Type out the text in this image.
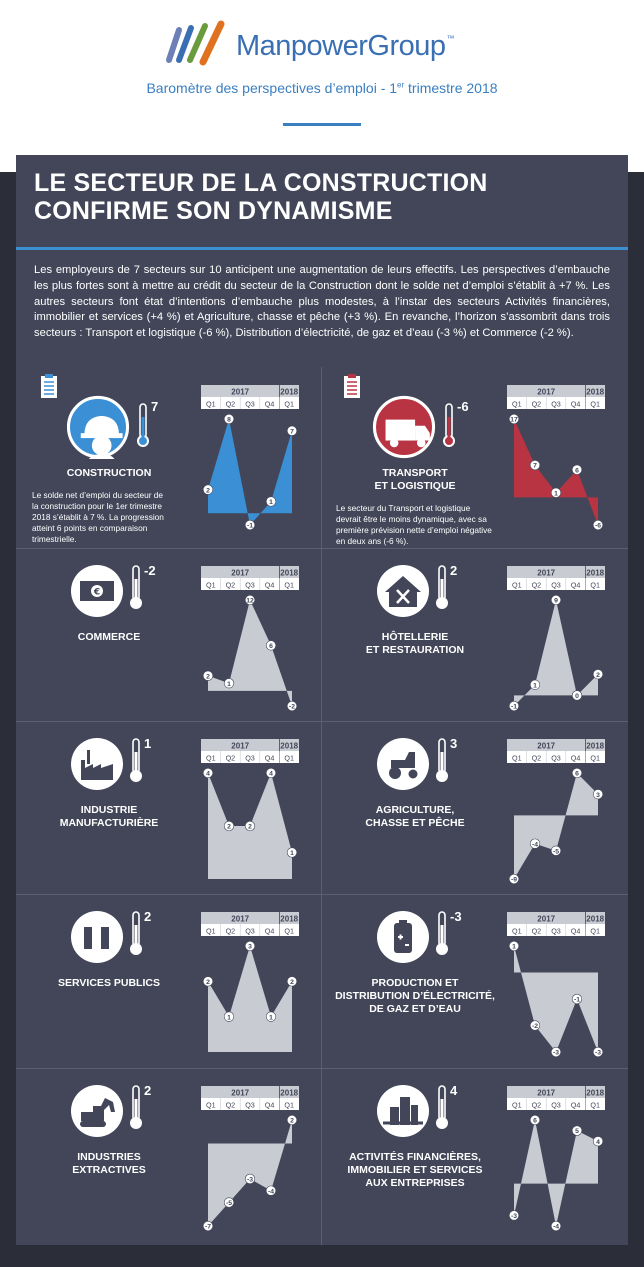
ManpowerGroup™
Baromètre des perspectives d’emploi - 1er trimestre 2018
LE SECTEUR DE LA CONSTRUCTION
CONFIRME SON DYNAMISME
Les employeurs de 7 secteurs sur 10 anticipent une augmentation de leurs effectifs. Les perspectives d’embauche les plus fortes sont à mettre au crédit du secteur de la Construction dont le solde net d’emploi s’établit à +7 %. Les autres secteurs font état d’intentions d’embauche plus modestes, à l’instar des secteurs Activités financières, immobilier et services (+4 %) et Agriculture, chasse et pêche (+3 %). En revanche, l’horizon s’assombrit dans trois secteurs : Transport et logistique (-6 %), Distribution d’électricité, de gaz et d’eau (-3 %) et Commerce (-2 %).
7
CONSTRUCTION
Le solde net d’emploi du secteur de
la construction pour le 1er trimestre
2018 s’établit à 7 %. La progression
atteint 6 points en comparaison
trimestrielle.
2017	2018
Q1 Q2 Q3 Q4 Q1
2
8
-1
1
7
-6
TRANSPORT
ET LOGISTIQUE
Le secteur du Transport et logistique
devrait être le moins dynamique, avec sa
première prévision nette d’emploi négative
en deux ans (-6 %).
2017	2018
Q1 Q2 Q3 Q4 Q1
17
7
1
6
-6
€
-2
COMMERCE
2017	2018
Q1 Q2 Q3 Q4 Q1
2
1
12
6
-2
2
HÔTELLERIE
ET RESTAURATION
2017	2018
Q1 Q2 Q3 Q4 Q1
-1
1
9
0
2
1
INDUSTRIE
MANUFACTURIÈRE
2017	2018
Q1 Q2 Q3 Q4 Q1
4
2	2
4
1
3
AGRICULTURE,
CHASSE ET PÊCHE
2017	2018
Q1 Q2 Q3 Q4 Q1
-9
-4
-5
6
3
2
SERVICES PUBLICS
2017	2018
Q1 Q2 Q3 Q4 Q1
2
1
3
1
2
-3
PRODUCTION ET
DISTRIBUTION D’ÉLECTRICITÉ,
DE GAZ ET D’EAU
2017	2018
Q1 Q2 Q3 Q4 Q1
1
-2
-3
-1
-3
2
INDUSTRIES
EXTRACTIVES
2017	2018
Q1 Q2 Q3 Q4 Q1
-7
-5
-3
-4
2
4
ACTIVITÉS FINANCIÈRES,
IMMOBILIER ET SERVICES
AUX ENTREPRISES
2017	2018
Q1 Q2 Q3 Q4 Q1
-3
6
-4
5
4
